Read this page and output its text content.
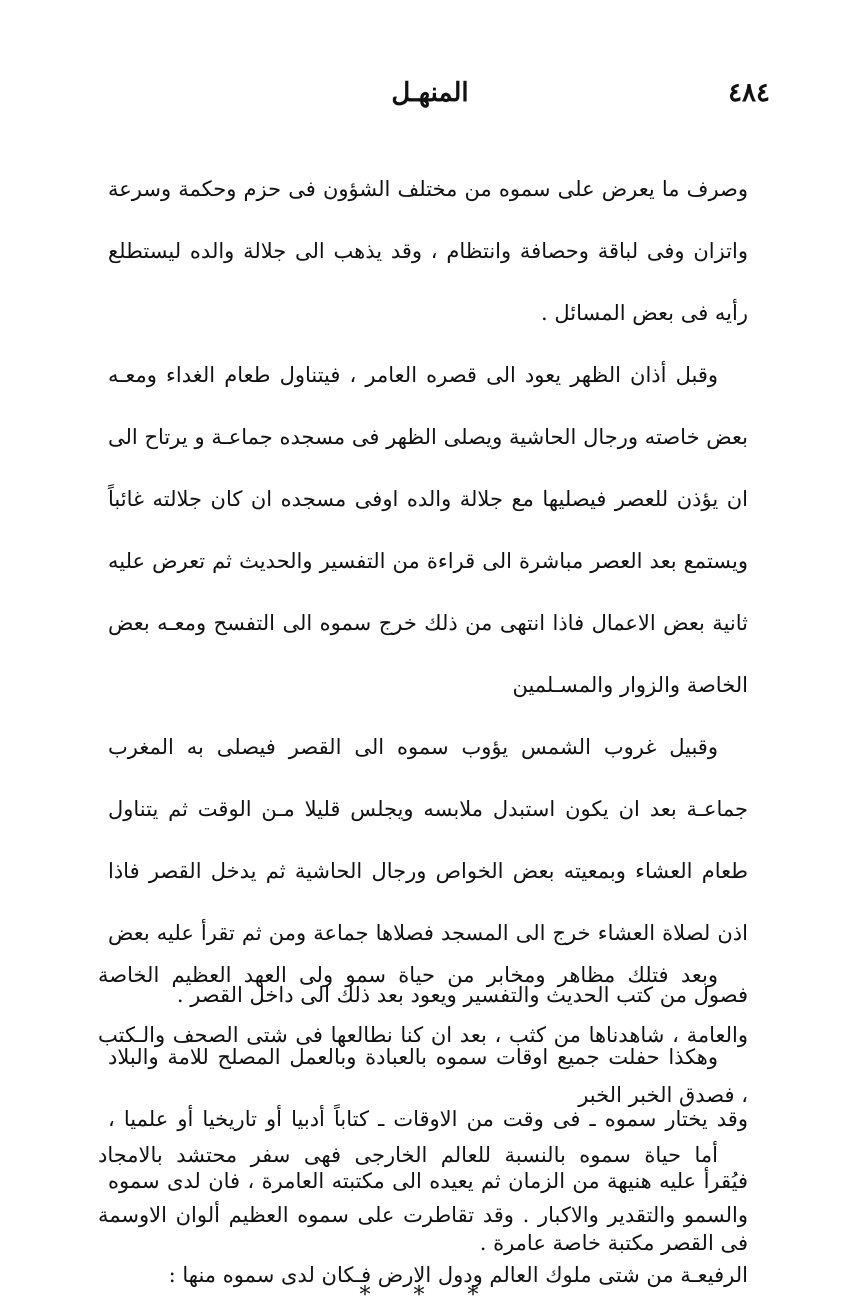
٤٨٤
المنهـل

وصرف ما يعرض على سموه من مختلف الشؤون فى حزم وحكمة وسرعة واتزان وفى لباقة وحصافة وانتظام ، وقد يذهب الى جلالة والده ليستطلع رأيه فى بعض المسائل .

وقبل أذان الظهر يعود الى قصره العامر ، فيتناول طعام الغداء ومعـه بعض خاصته ورجال الحاشية ويصلى الظهر فى مسجده جماعـة و يرتاح الى ان يؤذن للعصر فيصليها مع جلالة والده اوفى مسجده ان كان جلالته غائباً ويستمع بعد العصر مباشرة الى قراءة من التفسير والحديث ثم تعرض عليه ثانية بعض الاعمال فاذا انتهى من ذلك خرج سموه الى التفسح ومعـه بعض الخاصة والزوار والمسـلمين

وقبيل غروب الشمس يؤوب سموه الى القصر فيصلى به المغرب جماعـة بعد ان يكون استبدل ملابسه ويجلس قليلا مـن الوقت ثم يتناول طعام العشاء وبمعيته بعض الخواص ورجال الحاشية ثم يدخل القصر فاذا اذن لصلاة العشاء خرج الى المسجد فصلاها جماعة ومن ثم تقرأ عليه بعض فصول من كتب الحديث والتفسير ويعود بعد ذلك الى داخل القصر .

وهكذا حفلت جميع اوقات سموه بالعبادة وبالعمل المصلح للامة والبلاد وقد يختار سموه ـ فى وقت من الاوقات ـ كتاباً أدبيا أو تاريخيا أو علميا ، فيُقرأ عليه هنيهة من الزمان ثم يعيده الى مكتبته العامرة ، فان لدى سموه فى القصر مكتبة خاصة عامرة .

* * *

وبعد فتلك مظاهر ومخابر من حياة سمو ولى العهد العظيم الخاصة والعامة ، شاهدناها من كثب ، بعد ان كنا نطالعها فى شتى الصحف والـكتب ، فصدق الخبر الخبر

أما حياة سموه بالنسبة للعالم الخارجى فهى سفر محتشد بالامجاد والسمو والتقدير والاكبار . وقد تقاطرت على سموه العظيم ألوان الاوسمة الرفيعـة من شتى ملوك العالم ودول الارض فـكان لدى سموه منها :
